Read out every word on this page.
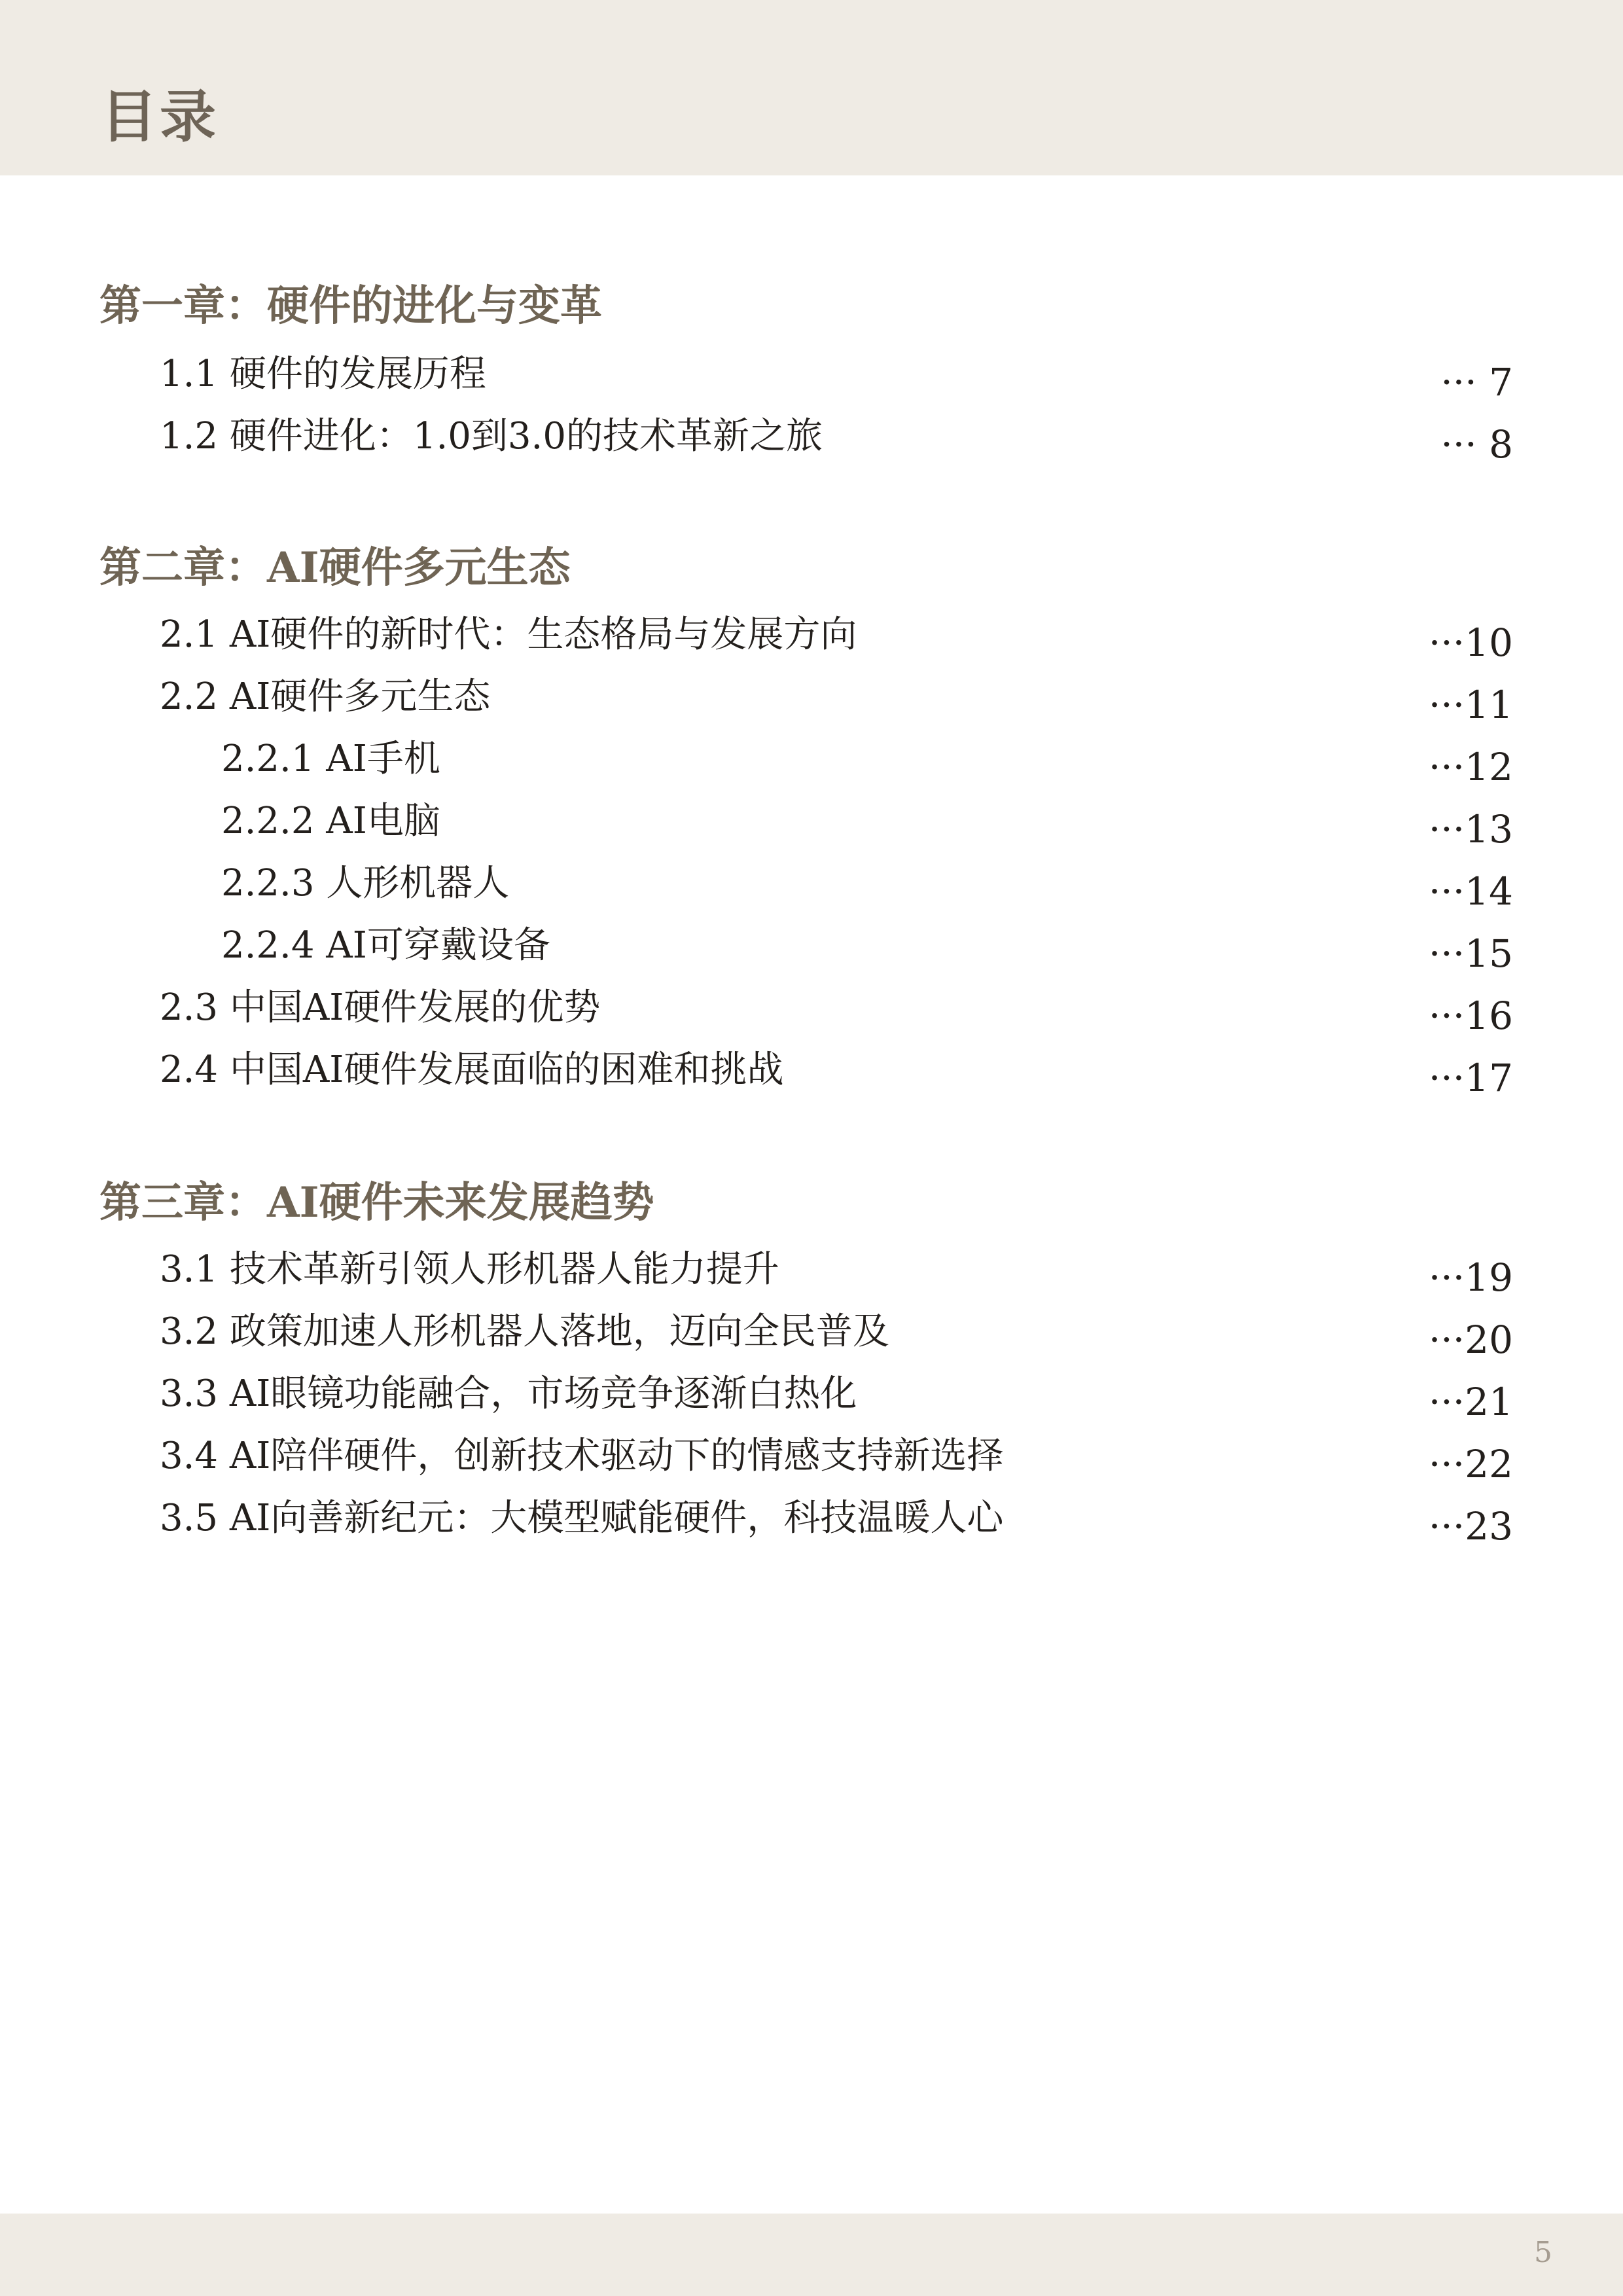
目录
第一章：硬件的进化与变革
1.1 硬件的发展历程	··· 7
1.2 硬件进化：1.0到3.0的技术革新之旅	··· 8
第二章：AI硬件多元生态
2.1 AI硬件的新时代：生态格局与发展方向	···10
2.2 AI硬件多元生态	···11
2.2.1 AI手机	···12
2.2.2 AI电脑	···13
2.2.3 人形机器人	···14
2.2.4 AI可穿戴设备	···15
2.3 中国AI硬件发展的优势	···16
2.4 中国AI硬件发展面临的困难和挑战	···17
第三章：AI硬件未来发展趋势
3.1 技术革新引领人形机器人能力提升	···19
3.2 政策加速人形机器人落地，迈向全民普及	···20
3.3 AI眼镜功能融合，市场竞争逐渐白热化	···21
3.4 AI陪伴硬件，创新技术驱动下的情感支持新选择	···22
3.5 AI向善新纪元：大模型赋能硬件，科技温暖人心	···23
5
